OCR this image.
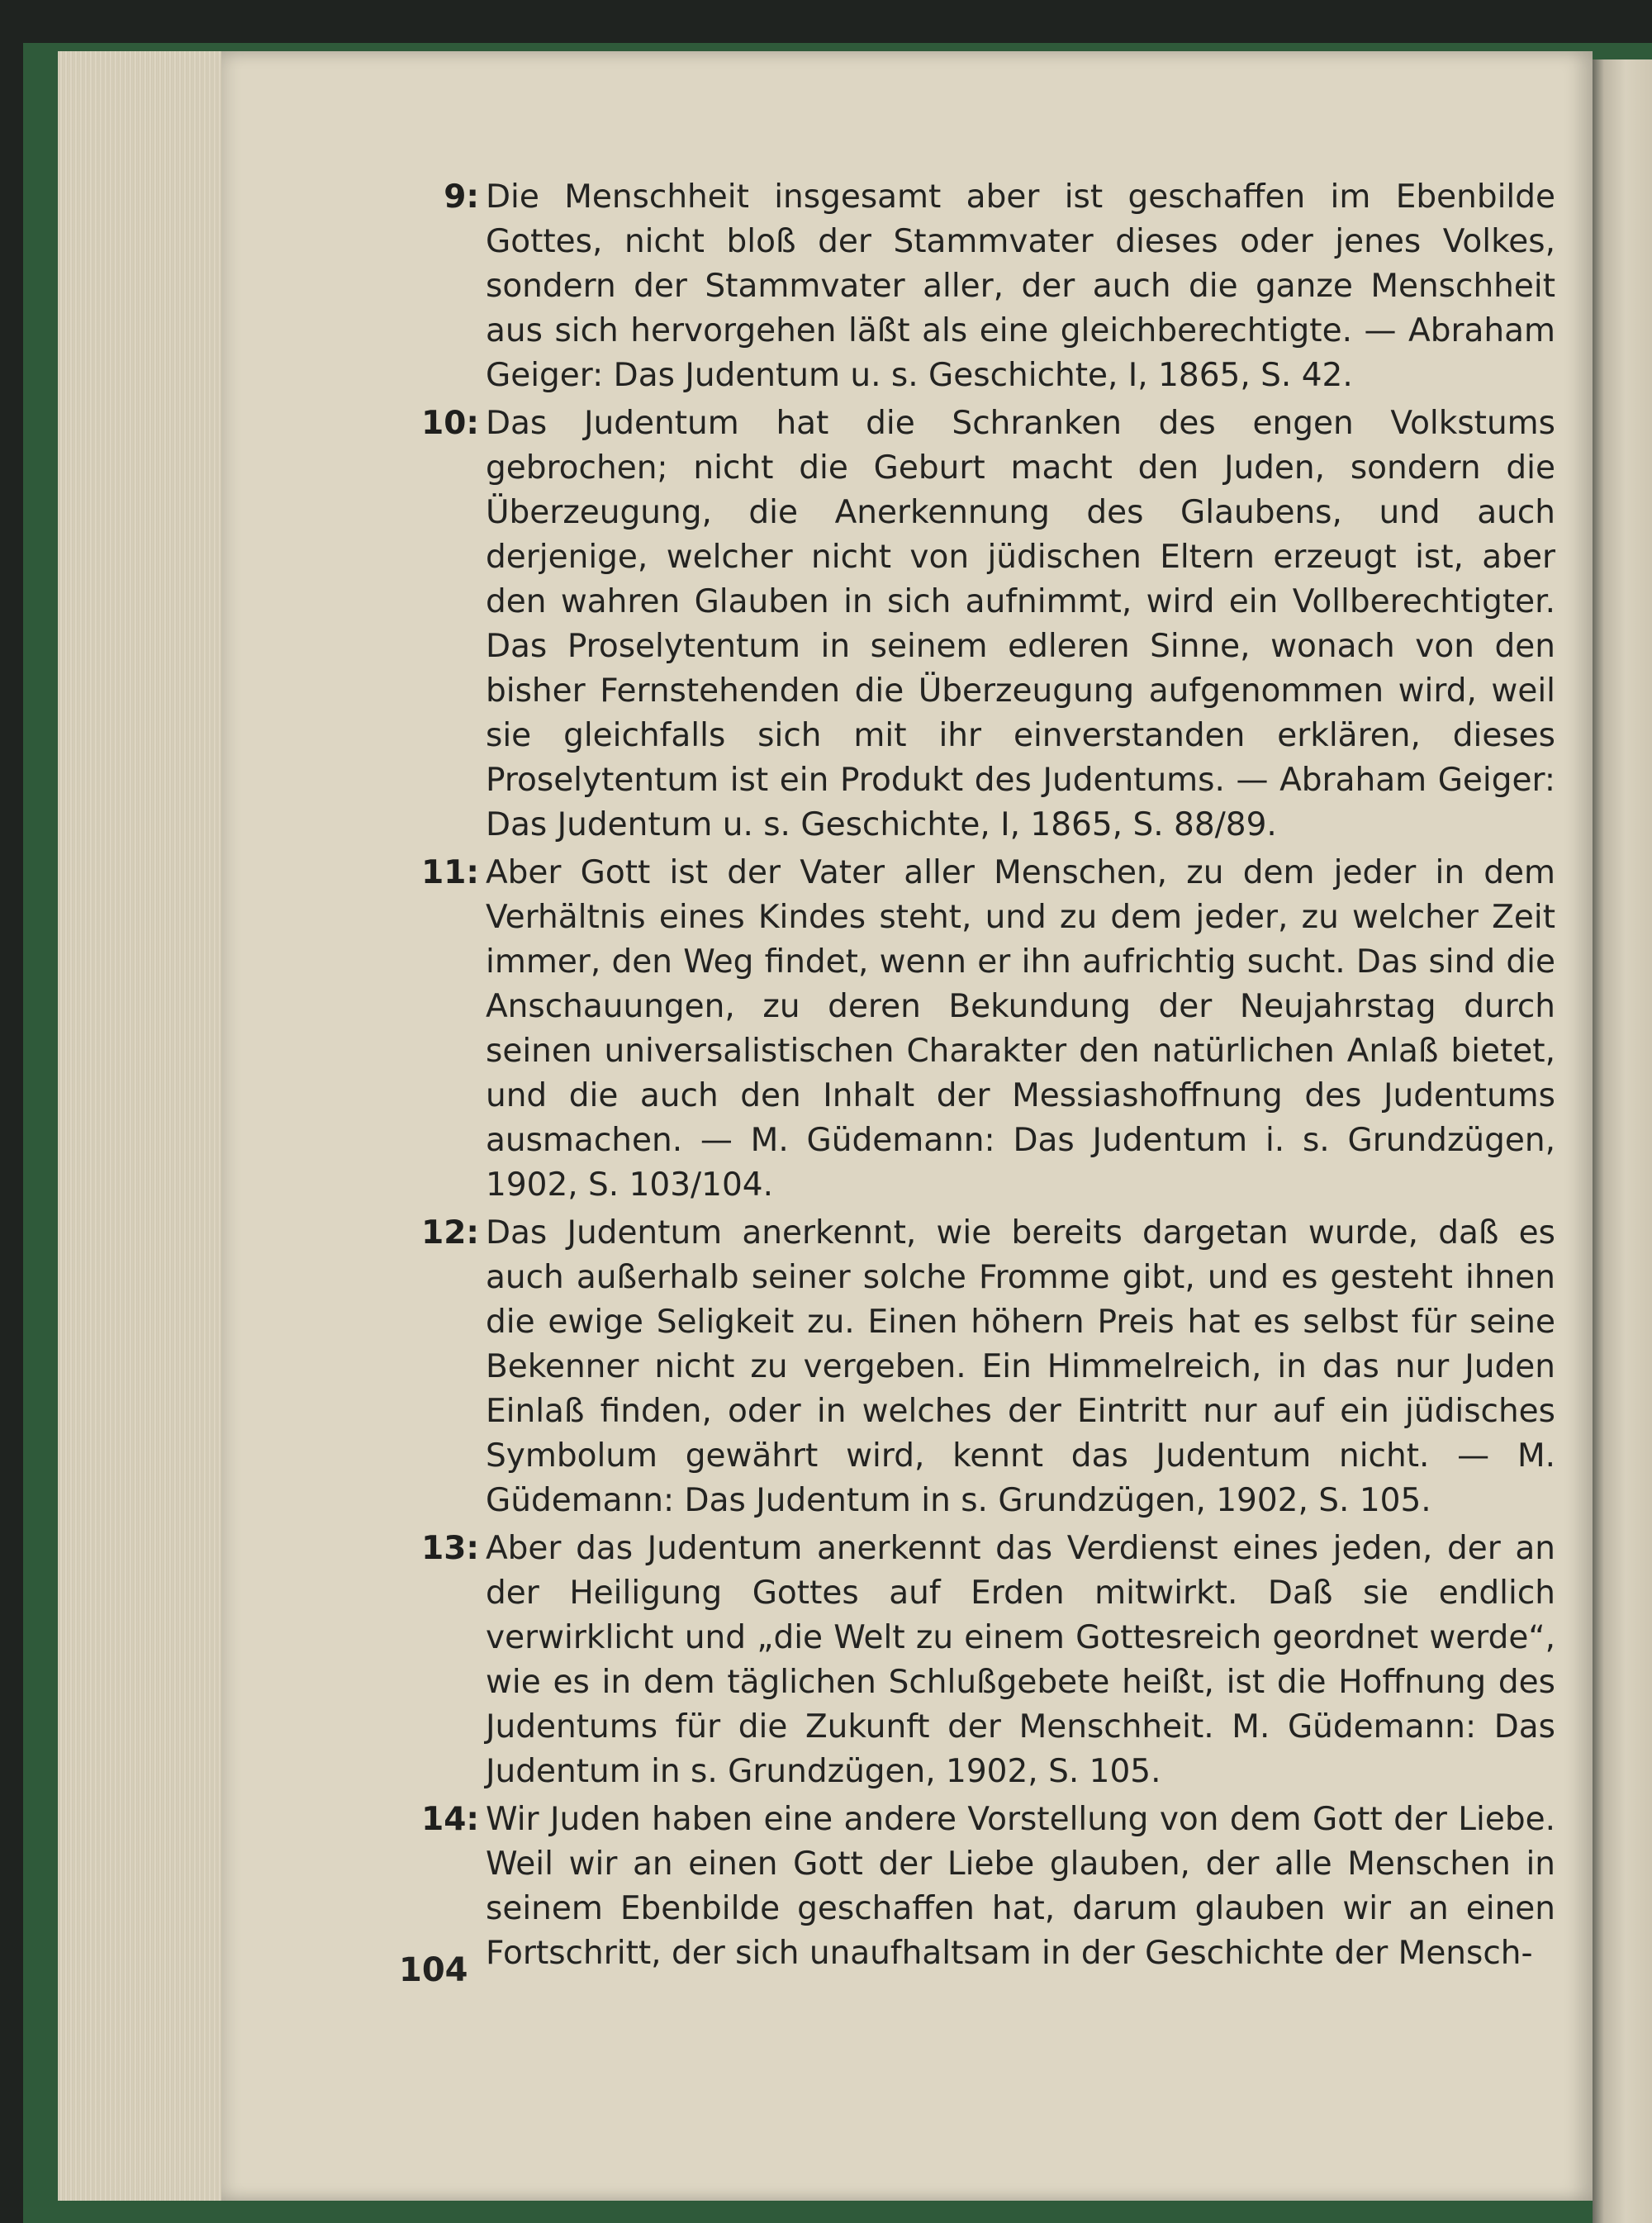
9: Die Menschheit insgesamt aber ist geschaffen im Ebenbilde Gottes, nicht bloß der Stammvater dieses oder jenes Volkes, sondern der Stammvater aller, der auch die ganze Menschheit aus sich hervorgehen läßt als eine gleichberechtigte. — Abraham Geiger: Das Judentum u. s. Geschichte, I, 1865, S. 42.
10: Das Judentum hat die Schranken des engen Volkstums gebrochen; nicht die Geburt macht den Juden, sondern die Überzeugung, die Anerkennung des Glaubens, und auch derjenige, welcher nicht von jüdischen Eltern erzeugt ist, aber den wahren Glauben in sich aufnimmt, wird ein Vollberechtigter. Das Proselytentum in seinem edleren Sinne, wonach von den bisher Fernstehenden die Überzeugung aufgenommen wird, weil sie gleichfalls sich mit ihr einverstanden erklären, dieses Proselytentum ist ein Produkt des Judentums. — Abraham Geiger: Das Judentum u. s. Geschichte, I, 1865, S. 88/89.
11: Aber Gott ist der Vater aller Menschen, zu dem jeder in dem Verhältnis eines Kindes steht, und zu dem jeder, zu welcher Zeit immer, den Weg findet, wenn er ihn aufrichtig sucht. Das sind die Anschauungen, zu deren Bekundung der Neujahrstag durch seinen universalistischen Charakter den natürlichen Anlaß bietet, und die auch den Inhalt der Messiashoffnung des Judentums ausmachen. — M. Güdemann: Das Judentum i. s. Grundzügen, 1902, S. 103/104.
12: Das Judentum anerkennt, wie bereits dargetan wurde, daß es auch außerhalb seiner solche Fromme gibt, und es gesteht ihnen die ewige Seligkeit zu. Einen höhern Preis hat es selbst für seine Bekenner nicht zu vergeben. Ein Himmelreich, in das nur Juden Einlaß finden, oder in welches der Eintritt nur auf ein jüdisches Symbolum gewährt wird, kennt das Judentum nicht. — M. Güdemann: Das Judentum in s. Grundzügen, 1902, S. 105.
13: Aber das Judentum anerkennt das Verdienst eines jeden, der an der Heiligung Gottes auf Erden mitwirkt. Daß sie endlich verwirklicht und „die Welt zu einem Gottesreich geordnet werde“, wie es in dem täglichen Schlußgebete heißt, ist die Hoffnung des Judentums für die Zukunft der Menschheit. M. Güdemann: Das Judentum in s. Grundzügen, 1902, S. 105.
14: Wir Juden haben eine andere Vorstellung von dem Gott der Liebe. Weil wir an einen Gott der Liebe glauben, der alle Menschen in seinem Ebenbilde geschaffen hat, darum glauben wir an einen Fortschritt, der sich unaufhaltsam in der Geschichte der Mensch-
104
